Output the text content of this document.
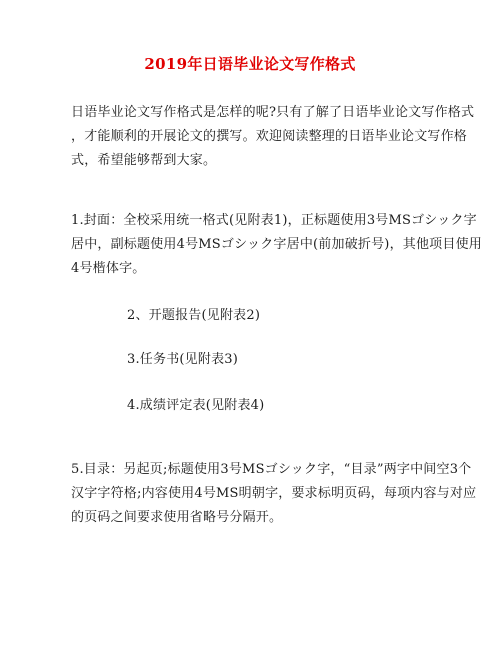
2019年日语毕业论文写作格式
日语毕业论文写作格式是怎样的呢?只有了解了日语毕业论文写作格式
，才能顺利的开展论文的撰写。欢迎阅读整理的日语毕业论文写作格
式，希望能够帮到大家。
1.封面：全校采用统一格式(见附表1)，正标题使用3号MSゴシック字
居中，副标题使用4号MSゴシック字居中(前加破折号)，其他项目使用
4号楷体字。
2、开题报告(见附表2)
3.任务书(见附表3)
4.成绩评定表(见附表4)
5.目录：另起页;标题使用3号MSゴシック字，“目录”两字中间空3个
汉字字符格;内容使用4号MS明朝字，要求标明页码，每项内容与对应
的页码之间要求使用省略号分隔开。
